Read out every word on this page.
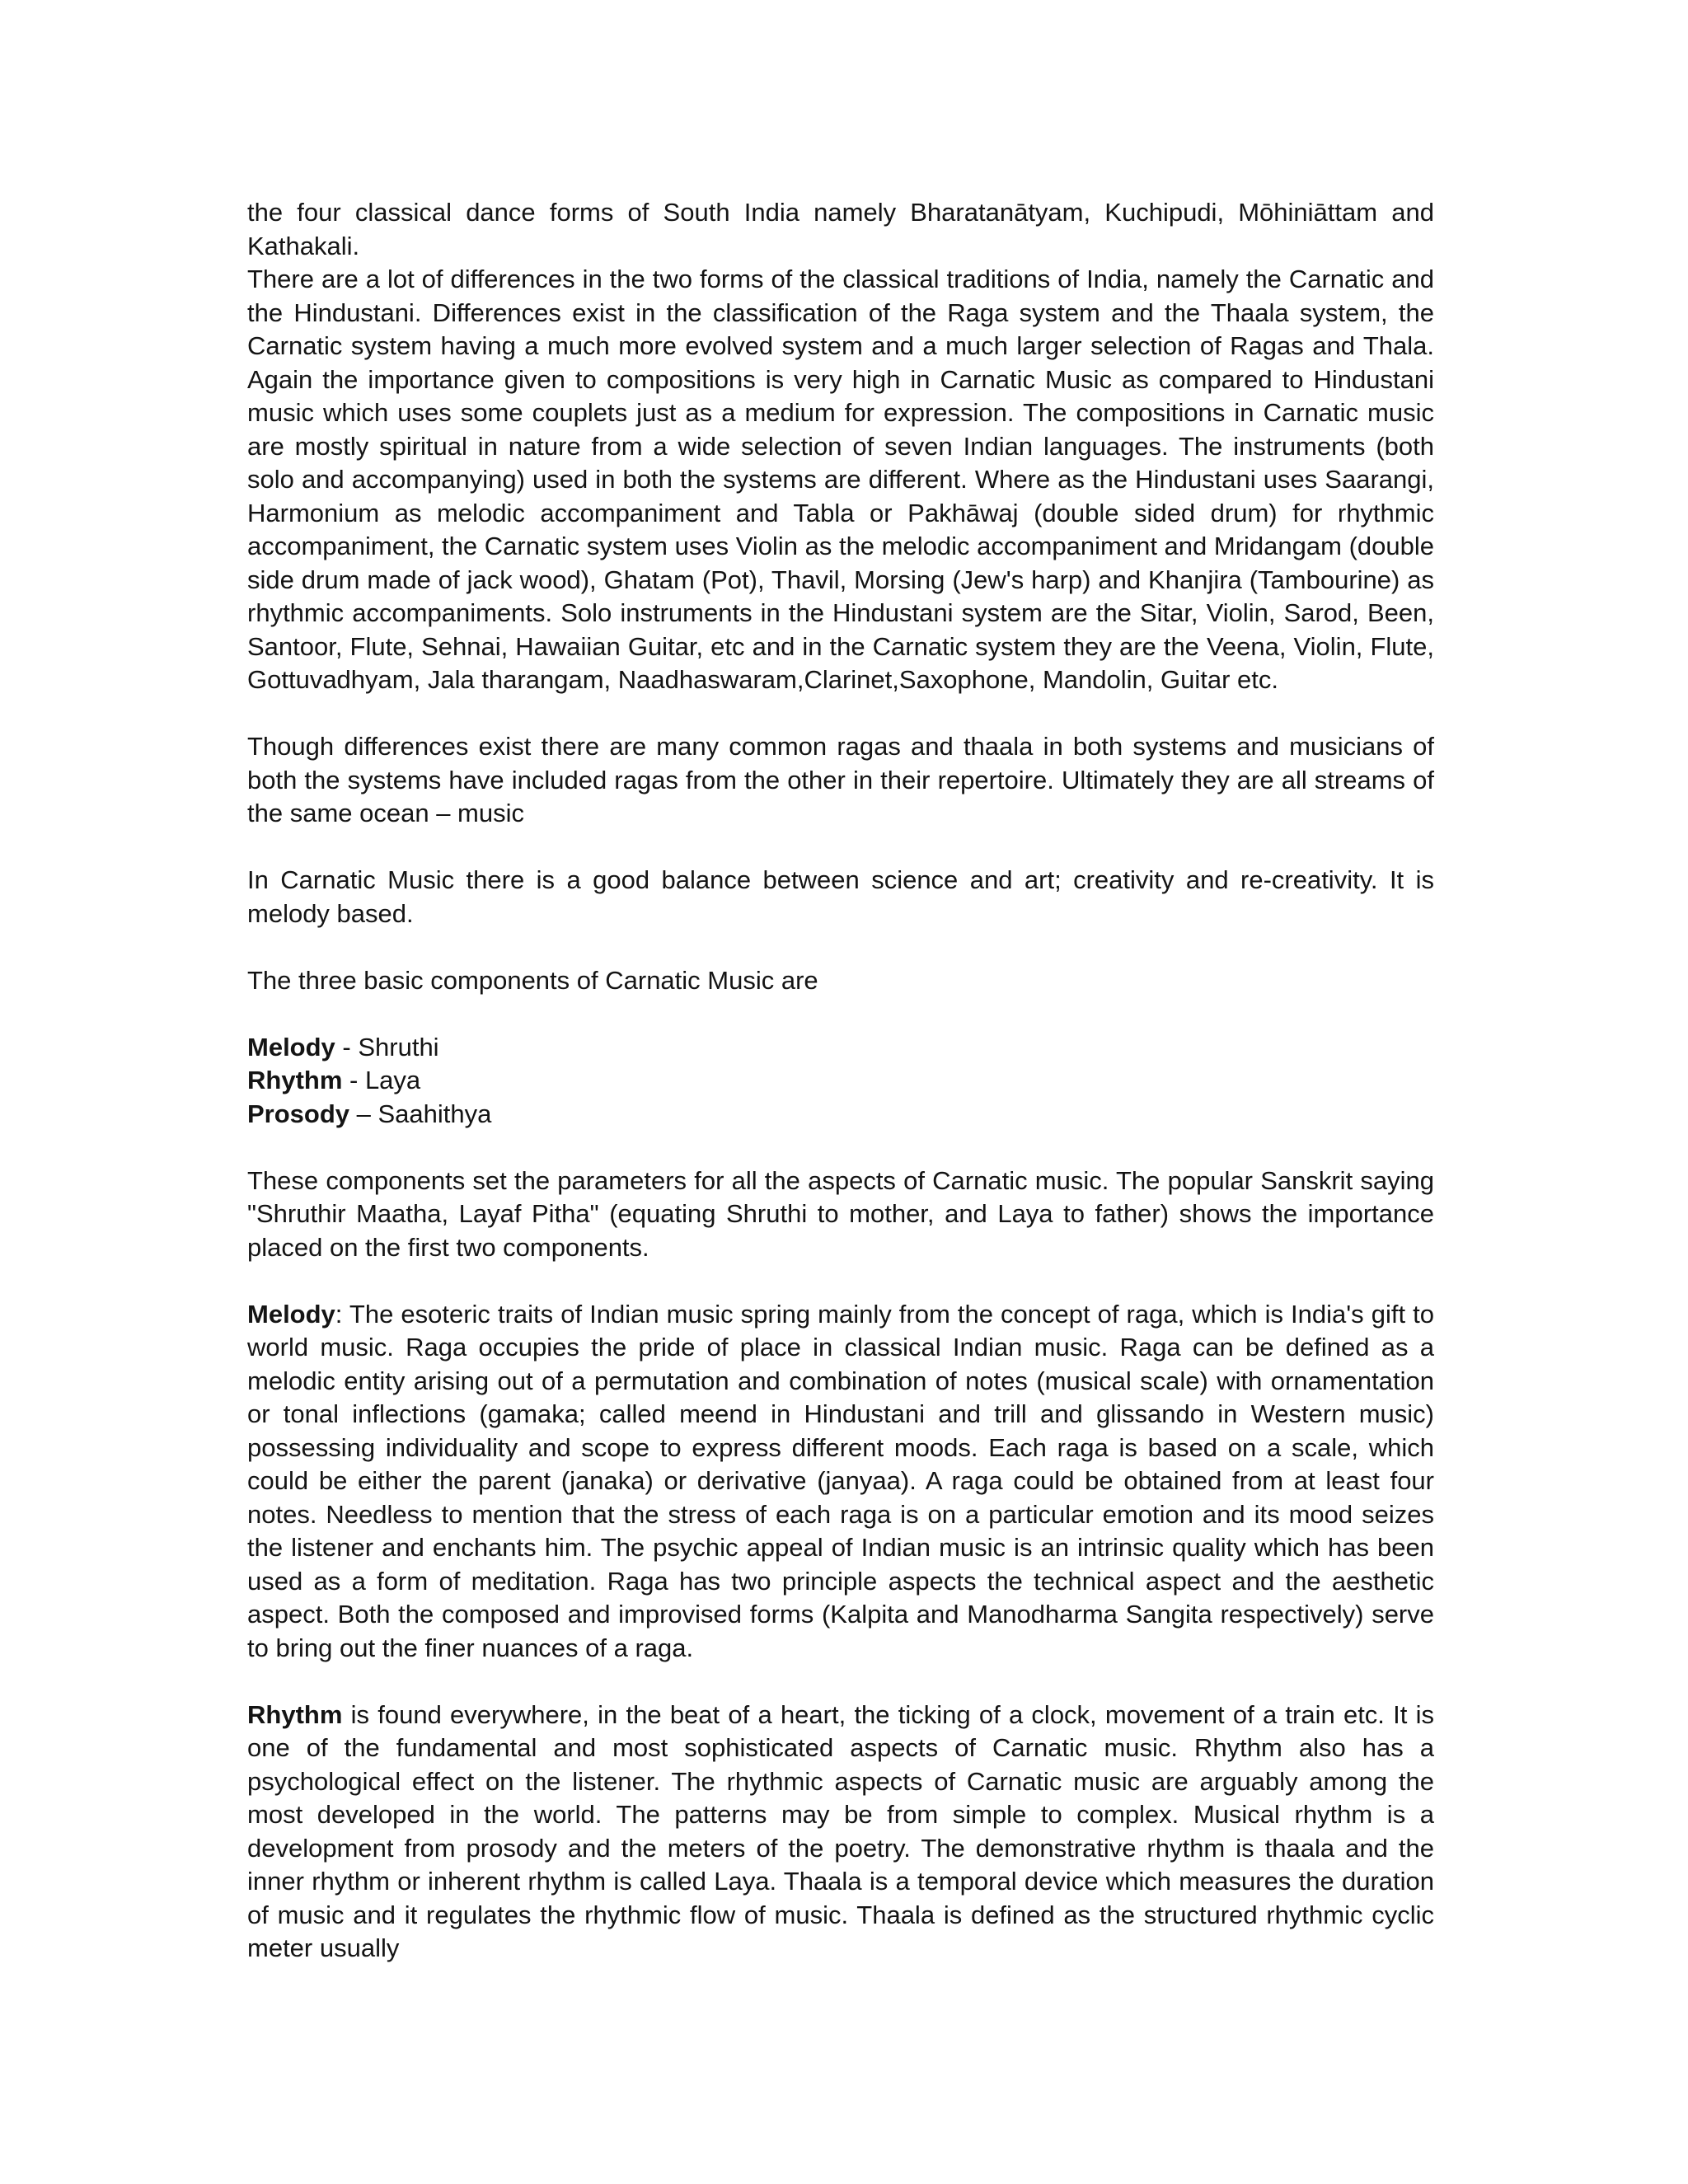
the four classical dance forms of South India namely Bharatanātyam, Kuchipudi, Mōhiniāttam and Kathakali.

There are a lot of differences in the two forms of the classical traditions of India, namely the Carnatic and the Hindustani. Differences exist in the classification of the Raga system and the Thaala system, the Carnatic system having a much more evolved system and a much larger selection of Ragas and Thala. Again the importance given to compositions is very high in Carnatic Music as compared to Hindustani music which uses some couplets just as a medium for expression. The compositions in Carnatic music are mostly spiritual in nature from a wide selection of seven Indian languages. The instruments (both solo and accompanying) used in both the systems are different. Where as the Hindustani uses Saarangi, Harmonium as melodic accompaniment and Tabla or Pakhāwaj (double sided drum) for rhythmic accompaniment, the Carnatic system uses Violin as the melodic accompaniment and Mridangam (double side drum made of jack wood), Ghatam (Pot), Thavil, Morsing (Jew's harp) and Khanjira (Tambourine) as rhythmic accompaniments. Solo instruments in the Hindustani system are the Sitar, Violin, Sarod, Been, Santoor, Flute, Sehnai, Hawaiian Guitar, etc and in the Carnatic system they are the Veena, Violin, Flute, Gottuvadhyam, Jala tharangam, Naadhaswaram,Clarinet,Saxophone, Mandolin, Guitar etc.

Though differences exist there are many common ragas and thaala in both systems and musicians of both the systems have included ragas from the other in their repertoire. Ultimately they are all streams of the same ocean – music

In Carnatic Music there is a good balance between science and art; creativity and re-creativity. It is melody based.

The three basic components of Carnatic Music are

Melody - Shruthi

Rhythm - Laya

Prosody – Saahithya

These components set the parameters for all the aspects of Carnatic music. The popular Sanskrit saying "Shruthir Maatha, Layaf Pitha" (equating Shruthi to mother, and Laya to father) shows the importance placed on the first two components.

Melody: The esoteric traits of Indian music spring mainly from the concept of raga, which is India's gift to world music. Raga occupies the pride of place in classical Indian music. Raga can be defined as a melodic entity arising out of a permutation and combination of notes (musical scale) with ornamentation or tonal inflections (gamaka; called meend in Hindustani and trill and glissando in Western music) possessing individuality and scope to express different moods. Each raga is based on a scale, which could be either the parent (janaka) or derivative (janyaa). A raga could be obtained from at least four notes. Needless to mention that the stress of each raga is on a particular emotion and its mood seizes the listener and enchants him. The psychic appeal of Indian music is an intrinsic quality which has been used as a form of meditation. Raga has two principle aspects the technical aspect and the aesthetic aspect. Both the composed and improvised forms (Kalpita and Manodharma Sangita respectively) serve to bring out the finer nuances of a raga.

Rhythm is found everywhere, in the beat of a heart, the ticking of a clock, movement of a train etc. It is one of the fundamental and most sophisticated aspects of Carnatic music. Rhythm also has a psychological effect on the listener. The rhythmic aspects of Carnatic music are arguably among the most developed in the world. The patterns may be from simple to complex. Musical rhythm is a development from prosody and the meters of the poetry. The demonstrative rhythm is thaala and the inner rhythm or inherent rhythm is called Laya. Thaala is a temporal device which measures the duration of music and it regulates the rhythmic flow of music. Thaala is defined as the structured rhythmic cyclic meter usually
